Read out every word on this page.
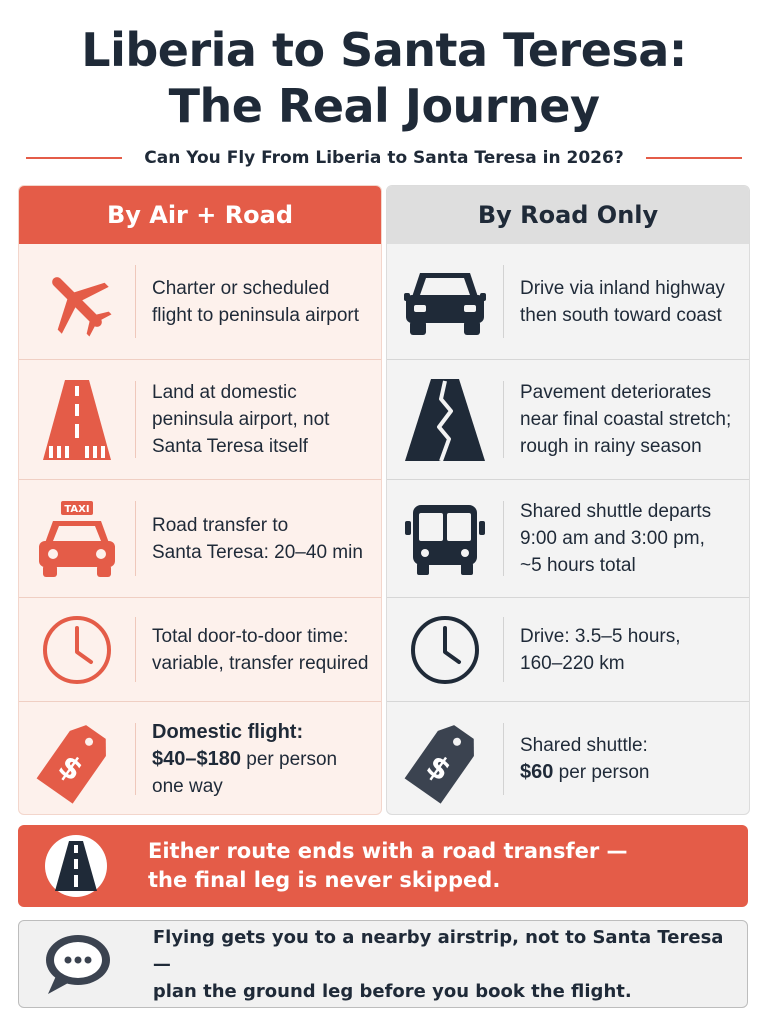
Liberia to Santa Teresa:
The Real Journey
Can You Fly From Liberia to Santa Teresa in 2026?
By Air + Road
Charter or scheduled
flight to peninsula airport
Land at domestic
peninsula airport, not
Santa Teresa itself
TAXI
Road transfer to
Santa Teresa: 20–40 min
Total door-to-door time:
variable, transfer required
$
Domestic flight:
$40–$180 per person
one way
By Road Only
Drive via inland highway
then south toward coast
Pavement deteriorates
near final coastal stretch;
rough in rainy season
Shared shuttle departs
9:00 am and 3:00 pm,
~5 hours total
Drive: 3.5–5 hours,
160–220 km
$
Shared shuttle:
$60 per person
Either route ends with a road transfer —
the final leg is never skipped.
Flying gets you to a nearby airstrip, not to Santa Teresa —
plan the ground leg before you book the flight.
